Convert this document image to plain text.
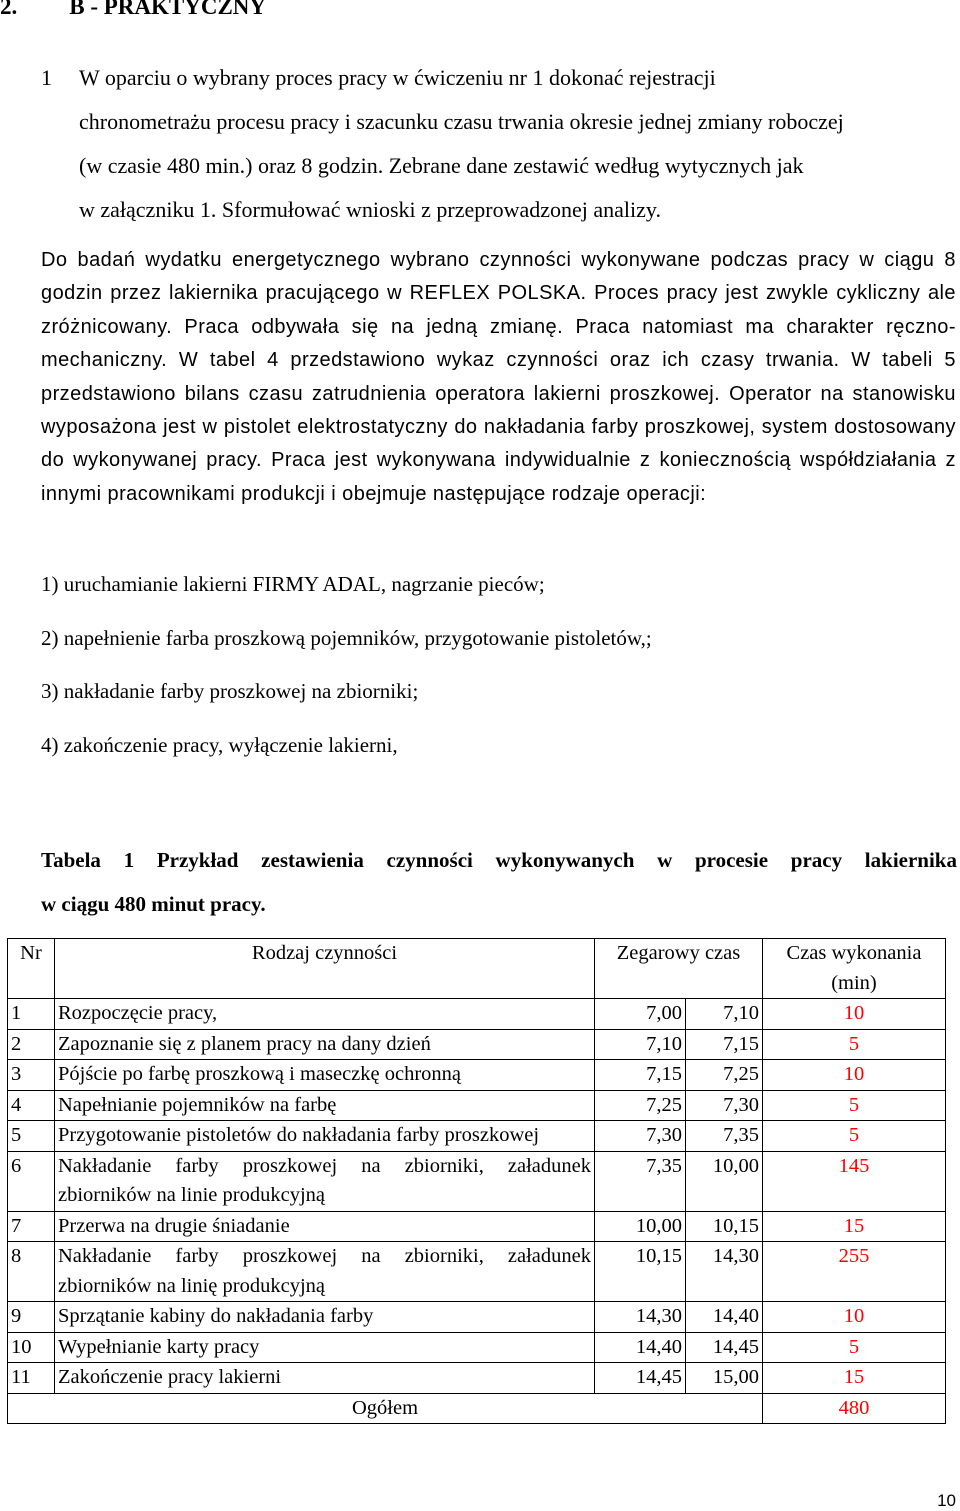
2. B - PRAKTYCZNY

1 W oparciu o wybrany proces pracy w ćwiczeniu nr 1 dokonać rejestracji

chronometrażu procesu pracy i szacunku czasu trwania okresie jednej zmiany roboczej

(w czasie 480 min.) oraz 8 godzin. Zebrane dane zestawić według wytycznych jak

w załączniku 1. Sformułować wnioski z przeprowadzonej analizy.

Do badań wydatku energetycznego wybrano czynności wykonywane podczas pracy w ciągu 8 godzin przez lakiernika pracującego w REFLEX POLSKA. Proces pracy jest zwykle cykliczny ale zróżnicowany. Praca odbywała się na jedną zmianę. Praca natomiast ma charakter ręczno-mechaniczny. W tabel 4 przedstawiono wykaz czynności oraz ich czasy trwania. W tabeli 5 przedstawiono bilans czasu zatrudnienia operatora lakierni proszkowej. Operator na stanowisku wyposażona jest w pistolet elektrostatyczny do nakładania farby proszkowej, system dostosowany do wykonywanej pracy. Praca jest wykonywana indywidualnie z koniecznością współdziałania z innymi pracownikami produkcji i obejmuje następujące rodzaje operacji:

1) uruchamianie lakierni FIRMY ADAL, nagrzanie pieców;
2) napełnienie farba proszkową pojemników, przygotowanie pistoletów,;
3) nakładanie farby proszkowej na zbiorniki;
4) zakończenie pracy, wyłączenie lakierni,
Tabela 1 Przykład zestawienia czynności wykonywanych w procesie pracy lakiernika
w ciągu 480 minut pracy.
Nr	Rodzaj czynności	Zegarowy czas		Czas wykonania (min)
1	Rozpoczęcie pracy,	7,00	7,10	10
2	Zapoznanie się z planem pracy na dany dzień	7,10	7,15	5
3	Pójście po farbę proszkową i maseczkę ochronną	7,15	7,25	10
4	Napełnianie pojemników na farbę	7,25	7,30	5
5	Przygotowanie pistoletów do nakładania farby proszkowej	7,30	7,35	5
6	Nakładanie farby proszkowej na zbiorniki, załadunek zbiorników na linie produkcyjną	7,35	10,00	145
7	Przerwa na drugie śniadanie	10,00	10,15	15
8	Nakładanie farby proszkowej na zbiorniki, załadunek zbiorników na linię produkcyjną	10,15	14,30	255
9	Sprzątanie kabiny do nakładania farby	14,30	14,40	10
10	Wypełnianie karty pracy	14,40	14,45	5
11	Zakończenie pracy lakierni	14,45	15,00	15
Ogółem				480
10
